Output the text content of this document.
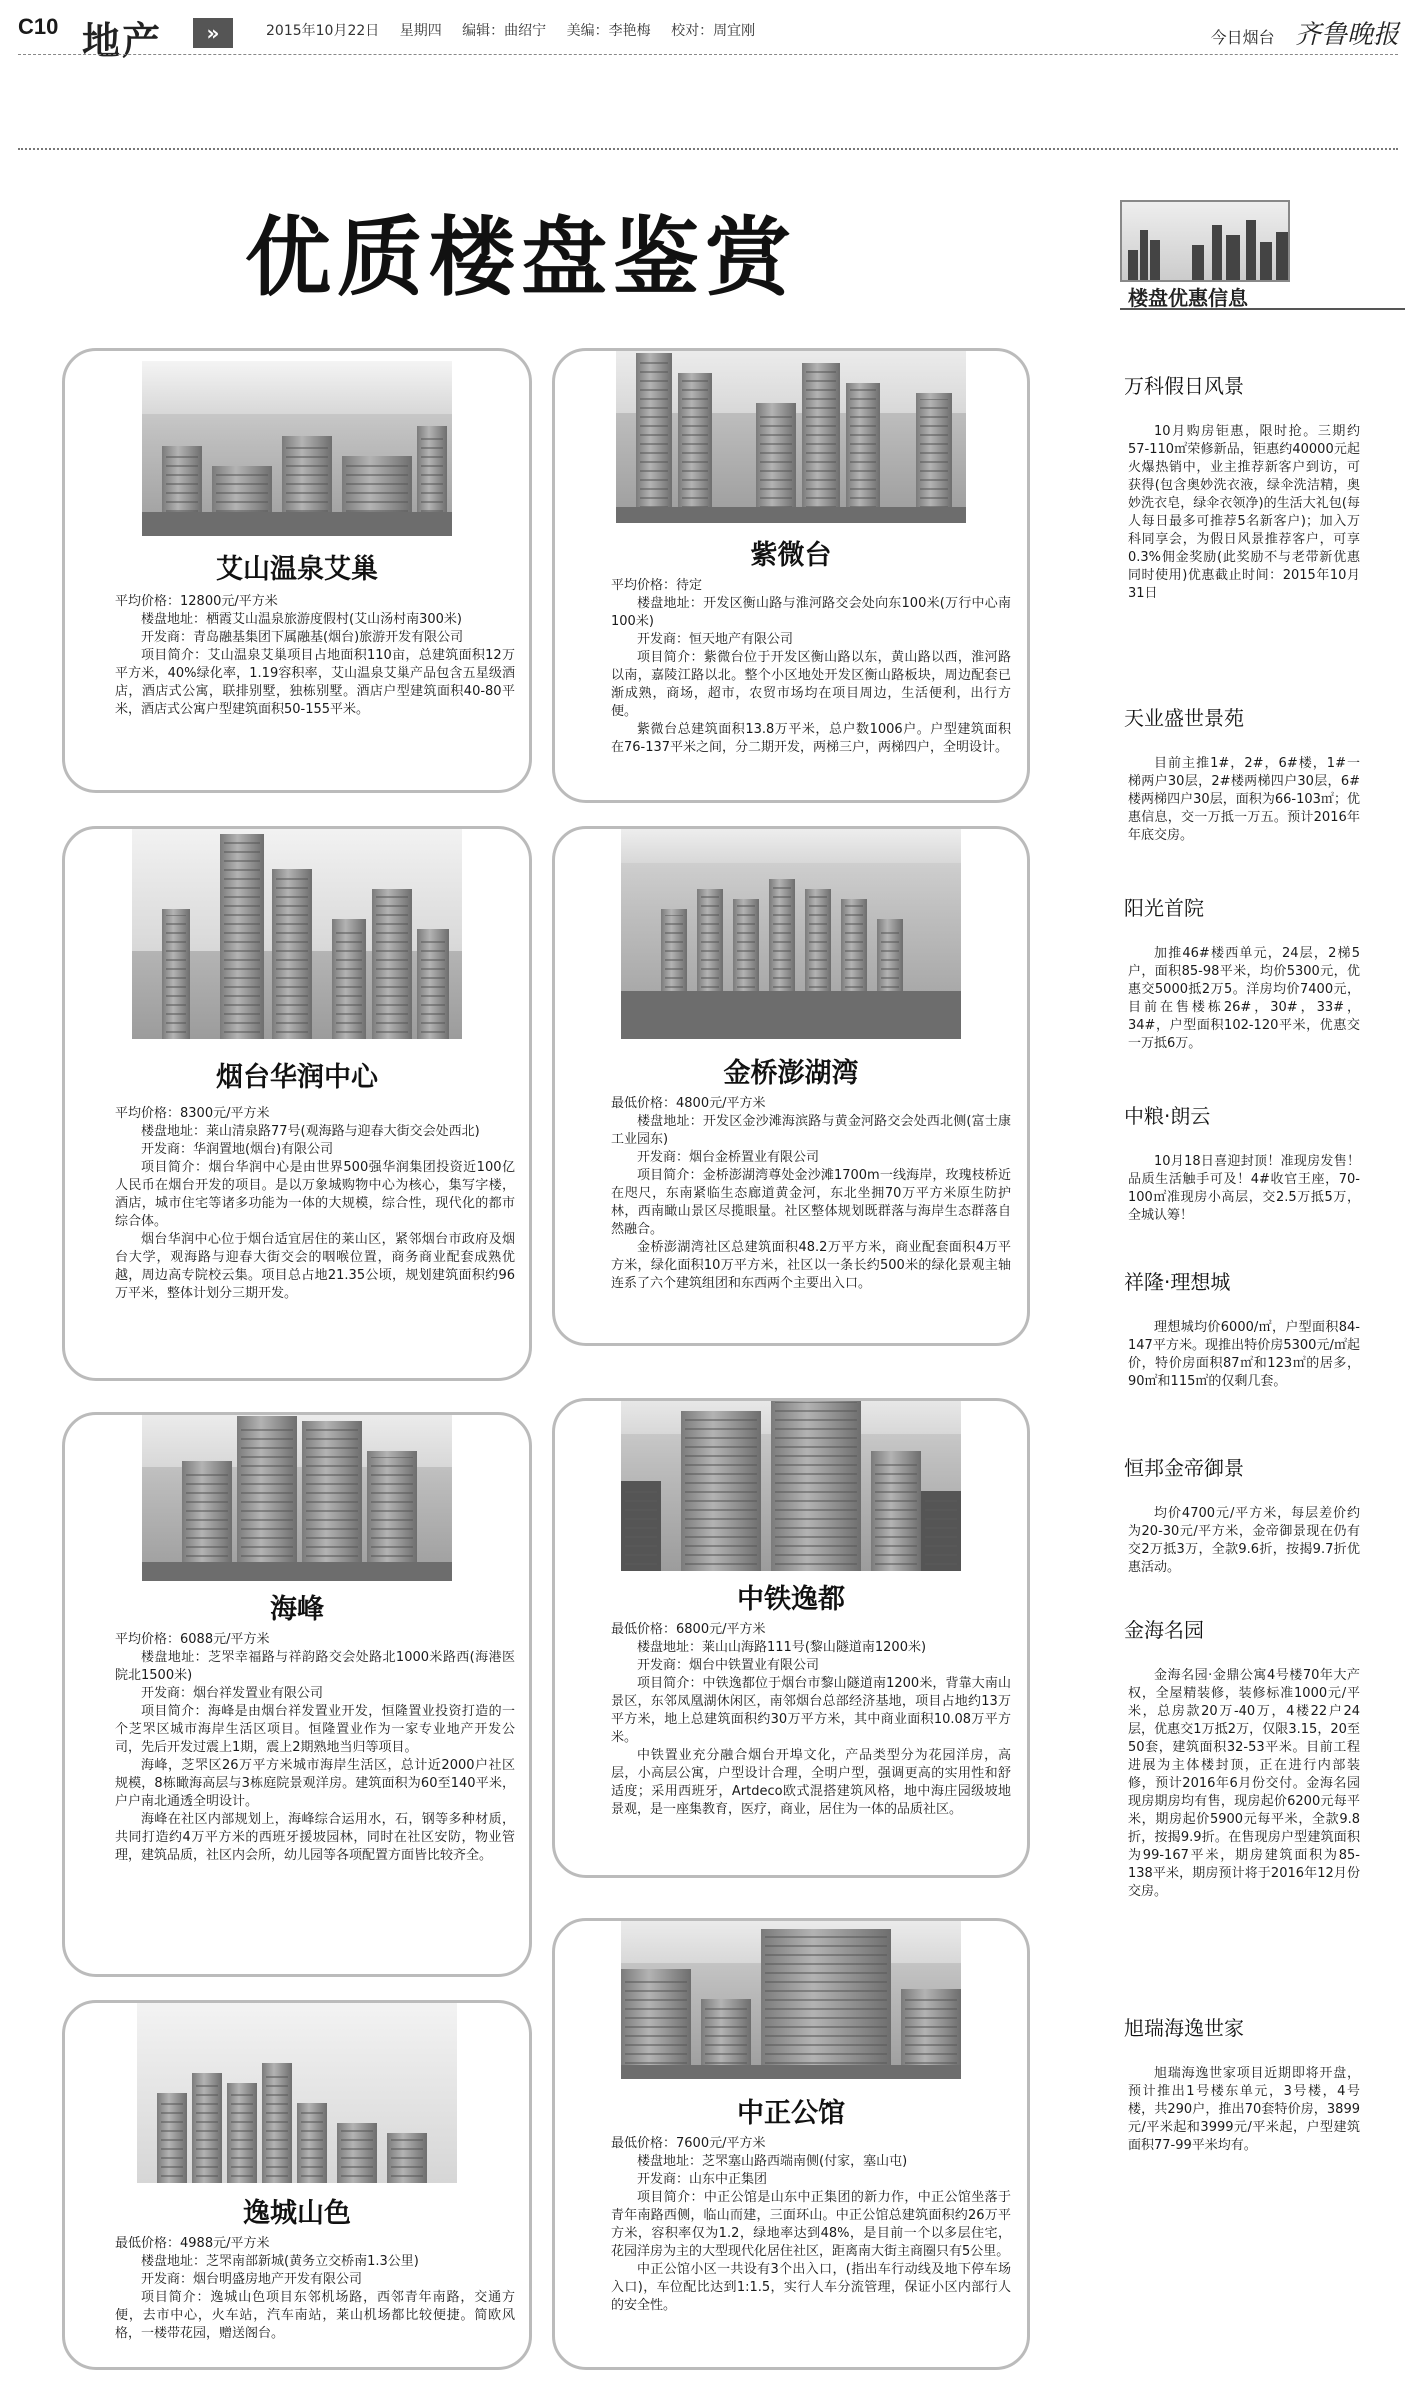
C10 地产	»	2015年10月22日 星期四 编辑：曲绍宁 美编：李艳梅 校对：周宜刚	今日烟台 齐鲁晚报
优质楼盘鉴赏
艾山温泉艾巢

平均价格：12800元/平方米

楼盘地址：栖霞艾山温泉旅游度假村(艾山汤村南300米)

开发商：青岛融基集团下属融基(烟台)旅游开发有限公司

项目简介：艾山温泉艾巢项目占地面积110亩，总建筑面积12万平方米，40%绿化率，1.19容积率，艾山温泉艾巢产品包含五星级酒店，酒店式公寓，联排别墅，独栋别墅。酒店户型建筑面积40-80平米，酒店式公寓户型建筑面积50-155平米。

紫微台

平均价格：待定

楼盘地址：开发区衡山路与淮河路交会处向东100米(万行中心南100米)

开发商：恒天地产有限公司

项目简介：紫微台位于开发区衡山路以东，黄山路以西，淮河路以南，嘉陵江路以北。整个小区地处开发区衡山路板块，周边配套已渐成熟，商场，超市，农贸市场均在项目周边，生活便利，出行方便。

紫微台总建筑面积13.8万平米，总户数1006户。户型建筑面积在76-137平米之间，分二期开发，两梯三户，两梯四户，全明设计。

烟台华润中心

平均价格：8300元/平方米

楼盘地址：莱山清泉路77号(观海路与迎春大街交会处西北)

开发商：华润置地(烟台)有限公司

项目简介：烟台华润中心是由世界500强华润集团投资近100亿人民币在烟台开发的项目。是以万象城购物中心为核心，集写字楼，酒店，城市住宅等诸多功能为一体的大规模，综合性，现代化的都市综合体。

烟台华润中心位于烟台适宜居住的莱山区，紧邻烟台市政府及烟台大学，观海路与迎春大街交会的咽喉位置，商务商业配套成熟优越，周边高专院校云集。项目总占地21.35公顷，规划建筑面积约96万平米，整体计划分三期开发。

金桥澎湖湾

最低价格：4800元/平方米

楼盘地址：开发区金沙滩海滨路与黄金河路交会处西北侧(富士康工业园东)

开发商：烟台金桥置业有限公司

项目简介：金桥澎湖湾尊处金沙滩1700m一线海岸，玫瑰枝桥近在咫尺，东南紧临生态廊道黄金河，东北坐拥70万平方米原生防护林，西南瞰山景区尽揽眼量。社区整体规划既群落与海岸生态群落自然融合。

金桥澎湖湾社区总建筑面积48.2万平方米，商业配套面积4万平方米，绿化面积10万平方米，社区以一条长约500米的绿化景观主轴连系了六个建筑组团和东西两个主要出入口。

海峰

平均价格：6088元/平方米

楼盘地址：芝罘幸福路与祥韵路交会处路北1000米路西(海港医院北1500米)

开发商：烟台祥发置业有限公司

项目简介：海峰是由烟台祥发置业开发，恒隆置业投资打造的一个芝罘区城市海岸生活区项目。恒隆置业作为一家专业地产开发公司，先后开发过震上1期，震上2期熟地当归等项目。

海峰，芝罘区26万平方米城市海岸生活区，总计近2000户社区规模，8栋瞰海高层与3栋庭院景观洋房。建筑面积为60至140平米，户户南北通透全明设计。

海峰在社区内部规划上，海峰综合运用水，石，钢等多种材质，共同打造约4万平方米的西班牙援坡园林，同时在社区安防，物业管理，建筑品质，社区内会所，幼儿园等各项配置方面皆比较齐全。

中铁逸都

最低价格：6800元/平方米

楼盘地址：莱山山海路111号(黎山隧道南1200米)

开发商：烟台中铁置业有限公司

项目简介：中铁逸都位于烟台市黎山隧道南1200米，背靠大南山景区，东邻凤凰湖休闲区，南邻烟台总部经济基地，项目占地约13万平方米，地上总建筑面积约30万平方米，其中商业面积10.08万平方米。

中铁置业充分融合烟台开埠文化，产品类型分为花园洋房，高层，小高层公寓，户型设计合理，全明户型，强调更高的实用性和舒适度；采用西班牙，Artdeco欧式混搭建筑风格，地中海庄园级坡地景观，是一座集教育，医疗，商业，居住为一体的品质社区。

逸城山色

最低价格：4988元/平方米

楼盘地址：芝罘南部新城(黄务立交桥南1.3公里)

开发商：烟台明盛房地产开发有限公司

项目简介：逸城山色项目东邻机场路，西邻青年南路，交通方便，去市中心，火车站，汽车南站，莱山机场都比较便捷。简欧风格，一楼带花园，赠送阁台。

中正公馆

最低价格：7600元/平方米

楼盘地址：芝罘塞山路西端南侧(付家，塞山屯)

开发商：山东中正集团

项目简介：中正公馆是山东中正集团的新力作，中正公馆坐落于青年南路西侧，临山而建，三面环山。中正公馆总建筑面积约26万平方米，容积率仅为1.2，绿地率达到48%，是目前一个以多层住宅，花园洋房为主的大型现代化居住社区，距离南大街主商圈只有5公里。

中正公馆小区一共设有3个出入口，(指出车行动线及地下停车场入口)，车位配比达到1:1.5，实行人车分流管理，保证小区内部行人的安全性。

楼盘优惠信息
万科假日风景
10月购房钜惠，限时抢。三期约57-110㎡荣修新品，钜惠约40000元起火爆热销中，业主推荐新客户到访，可获得(包含奥妙洗衣液，绿伞洗洁精，奥妙洗衣皂，绿伞衣领净)的生活大礼包(每人每日最多可推荐5名新客户)；加入万科同享会，为假日风景推荐客户，可享0.3%佣金奖励(此奖励不与老带新优惠同时使用)优惠截止时间：2015年10月31日
天业盛世景苑
目前主推1#，2#，6#楼，1#一梯两户30层，2#楼两梯四户30层，6#楼两梯四户30层，面积为66-103㎡；优惠信息，交一万抵一万五。预计2016年年底交房。
阳光首院
加推46#楼西单元，24层，2梯5户，面积85-98平米，均价5300元，优惠交5000抵2万5。洋房均价7400元，目前在售楼栋26#，30#，33#，34#，户型面积102-120平米，优惠交一万抵6万。
中粮·朗云
10月18日喜迎封顶！准现房发售！品质生活触手可及！4#收官王座，70-100㎡准现房小高层，交2.5万抵5万，全城认筹！
祥隆·理想城
理想城均价6000/㎡，户型面积84-147平方米。现推出特价房5300元/㎡起价，特价房面积87㎡和123㎡的居多，90㎡和115㎡的仅剩几套。
恒邦金帝御景
均价4700元/平方米，每层差价约为20-30元/平方米，金帝御景现在仍有交2万抵3万，全款9.6折，按揭9.7折优惠活动。
金海名园
金海名园·金鼎公寓4号楼70年大产权，全屋精装修，装修标准1000元/平米，总房款20万-40万，4楼22户24层，优惠交1万抵2万，仅限3.15，20至50套，建筑面积32-53平米。目前工程进展为主体楼封顶，正在进行内部装修，预计2016年6月份交付。金海名园现房期房均有售，现房起价6200元每平米，期房起价5900元每平米，全款9.8折，按揭9.9折。在售现房户型建筑面积为99-167平米，期房建筑面积为85-138平米，期房预计将于2016年12月份交房。
旭瑞海逸世家
旭瑞海逸世家项目近期即将开盘，预计推出1号楼东单元，3号楼，4号楼，共290户，推出70套特价房，3899元/平米起和3999元/平米起，户型建筑面积77-99平米均有。
